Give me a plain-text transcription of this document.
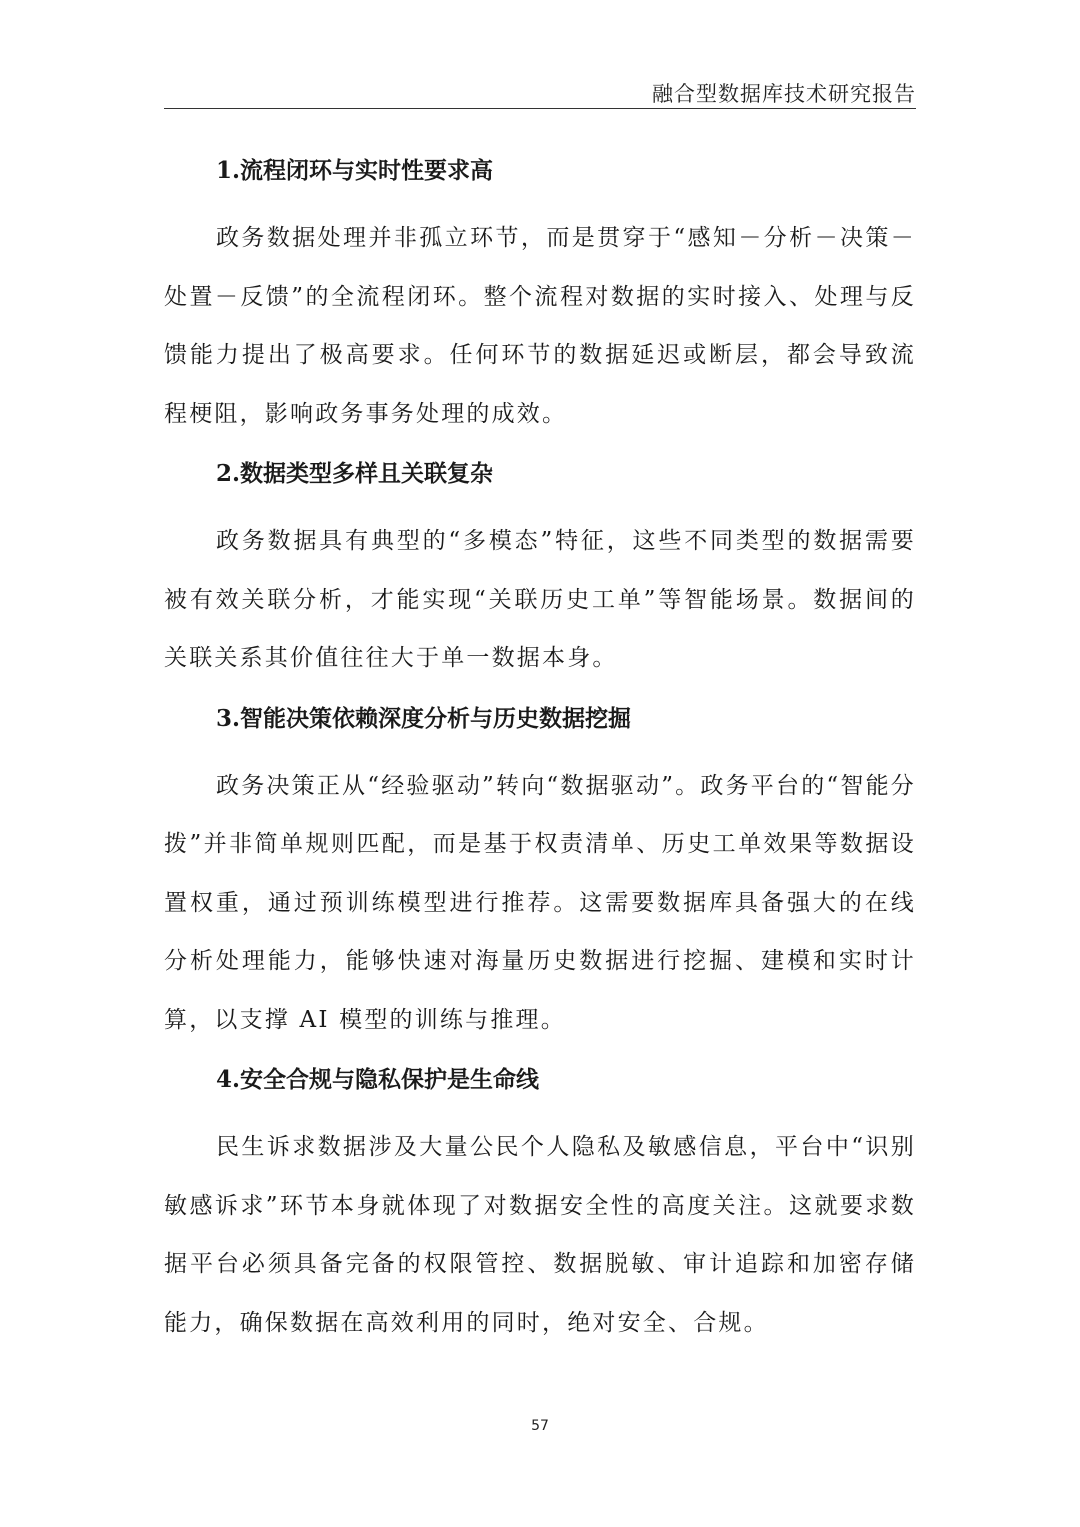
融合型数据库技术研究报告
1.流程闭环与实时性要求高

政务数据处理并非孤立环节，而是贯穿于“感知－分析－决策－处置－反馈”的全流程闭环。整个流程对数据的实时接入、处理与反馈能力提出了极高要求。任何环节的数据延迟或断层，都会导致流程梗阻，影响政务事务处理的成效。

2.数据类型多样且关联复杂

政务数据具有典型的“多模态”特征，这些不同类型的数据需要被有效关联分析，才能实现“关联历史工单”等智能场景。数据间的关联关系其价值往往大于单一数据本身。

3.智能决策依赖深度分析与历史数据挖掘

政务决策正从“经验驱动”转向“数据驱动”。政务平台的“智能分拨”并非简单规则匹配，而是基于权责清单、历史工单效果等数据设置权重，通过预训练模型进行推荐。这需要数据库具备强大的在线分析处理能力，能够快速对海量历史数据进行挖掘、建模和实时计算，以支撑 AI 模型的训练与推理。

4.安全合规与隐私保护是生命线

民生诉求数据涉及大量公民个人隐私及敏感信息，平台中“识别敏感诉求”环节本身就体现了对数据安全性的高度关注。这就要求数据平台必须具备完备的权限管控、数据脱敏、审计追踪和加密存储能力，确保数据在高效利用的同时，绝对安全、合规。

57
